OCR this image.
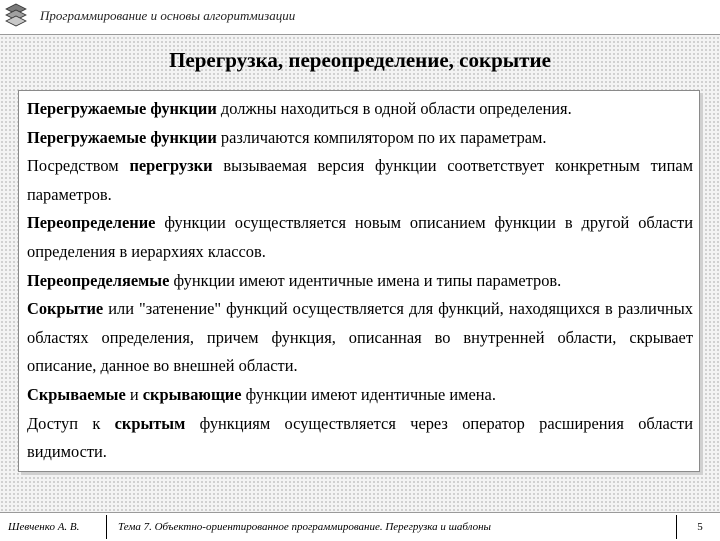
Программирование и основы алгоритмизации
Перегрузка, переопределение, сокрытие

Перегружаемые функции должны находиться в одной области определения.

Перегружаемые функции различаются компилятором по их параметрам.

Посредством перегрузки вызываемая версия функции соответствует конкретным типам параметров.

Переопределение функции осуществляется новым описанием функции в другой области определения в иерархиях классов.

Переопределяемые функции имеют идентичные имена и типы параметров.

Сокрытие или "затенение" функций осуществляется для функций, находящихся в различных областях определения, причем функция, описанная во внутренней области, скрывает описание, данное во внешней области.

Скрываемые и скрывающие функции имеют идентичные имена.

Доступ к скрытым функциям осуществляется через оператор расширения области видимости.

Шевченко А. В.	Тема 7. Объектно-ориентированное программирование. Перегрузка и шаблоны	5
